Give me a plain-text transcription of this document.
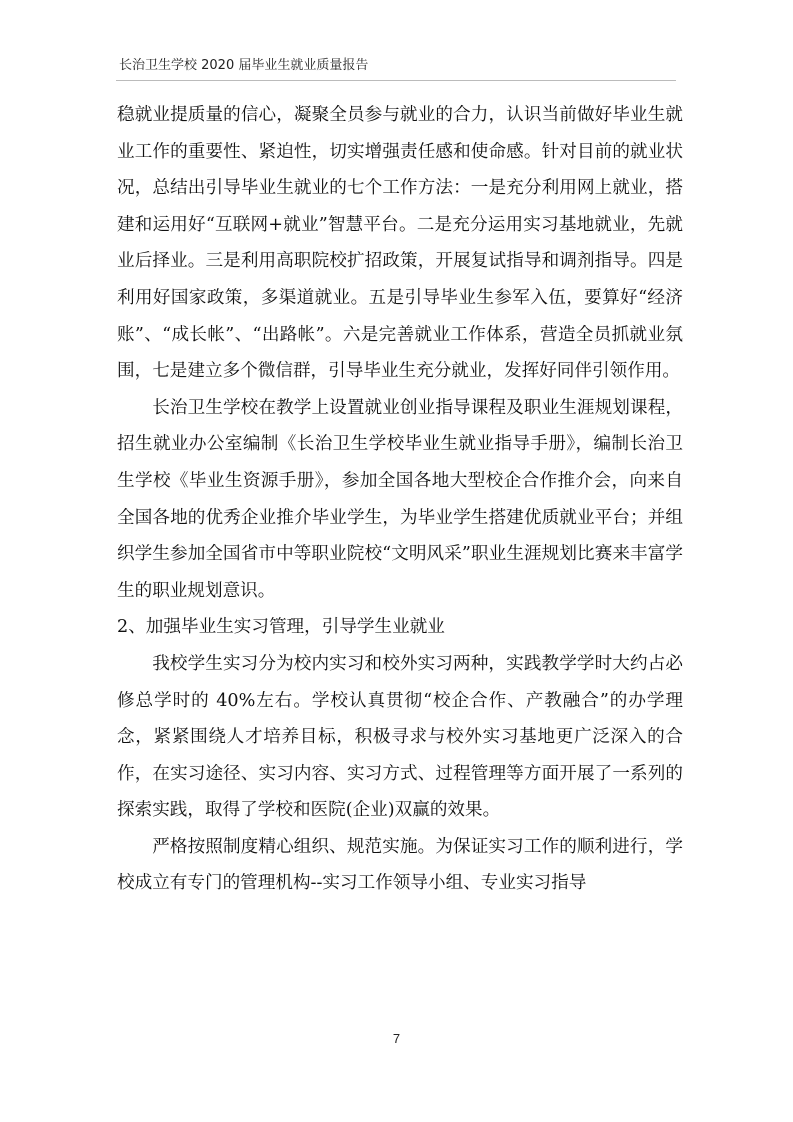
长治卫生学校 2020 届毕业生就业质量报告

稳就业提质量的信心，凝聚全员参与就业的合力，认识当前做好毕业生就业工作的重要性、紧迫性，切实增强责任感和使命感。针对目前的就业状况，总结出引导毕业生就业的七个工作方法：一是充分利用网上就业，搭建和运用好“互联网+就业”智慧平台。二是充分运用实习基地就业，先就业后择业。三是利用高职院校扩招政策，开展复试指导和调剂指导。四是利用好国家政策，多渠道就业。五是引导毕业生参军入伍，要算好“经济账”、“成长帐”、“出路帐”。六是完善就业工作体系，营造全员抓就业氛围，七是建立多个微信群，引导毕业生充分就业，发挥好同伴引领作用。

长治卫生学校在教学上设置就业创业指导课程及职业生涯规划课程，招生就业办公室编制《长治卫生学校毕业生就业指导手册》，编制长治卫生学校《毕业生资源手册》，参加全国各地大型校企合作推介会，向来自全国各地的优秀企业推介毕业学生，为毕业学生搭建优质就业平台；并组织学生参加全国省市中等职业院校“文明风采”职业生涯规划比赛来丰富学生的职业规划意识。

2、加强毕业生实习管理，引导学生业就业

我校学生实习分为校内实习和校外实习两种，实践教学学时大约占必修总学时的 40%左右。学校认真贯彻“校企合作、产教融合”的办学理念，紧紧围绕人才培养目标，积极寻求与校外实习基地更广泛深入的合作，在实习途径、实习内容、实习方式、过程管理等方面开展了一系列的探索实践，取得了学校和医院(企业)双赢的效果。

严格按照制度精心组织、规范实施。为保证实习工作的顺利进行，学校成立有专门的管理机构--实习工作领导小组、专业实习指导

7
